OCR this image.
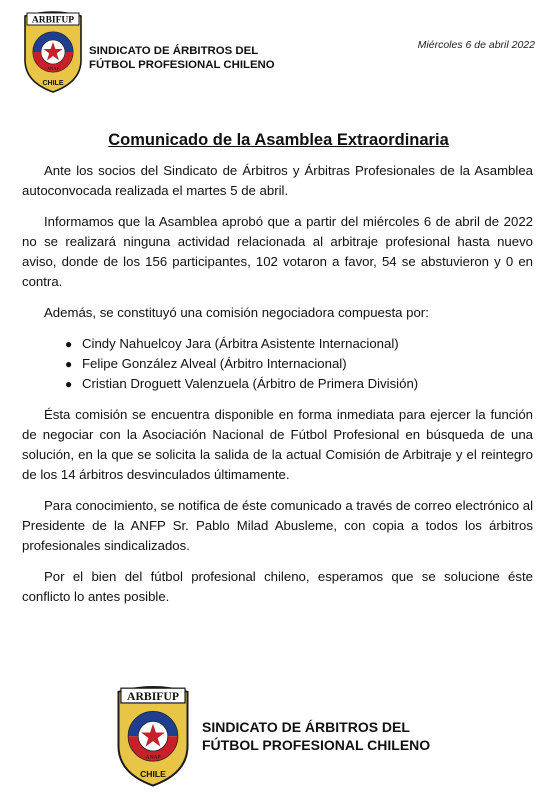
ARBIFUP
ANAP
CHILE
SINDICATO DE ÁRBITROS DEL
FÚTBOL PROFESIONAL CHILENO
Miércoles 6 de abril 2022
Comunicado de la Asamblea Extraordinaria

Ante los socios del Sindicato de Árbitros y Árbitras Profesionales de la Asamblea autoconvocada realizada el martes 5 de abril.

Informamos que la Asamblea aprobó que a partir del miércoles 6 de abril de 2022 no se realizará ninguna actividad relacionada al arbitraje profesional hasta nuevo aviso, donde de los 156 participantes, 102 votaron a favor, 54 se abstuvieron y 0 en contra.

Además, se constituyó una comisión negociadora compuesta por:

● Cindy Nahuelcoy Jara (Árbitra Asistente Internacional)
● Felipe González Alveal (Árbitro Internacional)
● Cristian Droguett Valenzuela (Árbitro de Primera División)

Ésta comisión se encuentra disponible en forma inmediata para ejercer la función de negociar con la Asociación Nacional de Fútbol Profesional en búsqueda de una solución, en la que se solicita la salida de la actual Comisión de Arbitraje y el reintegro de los 14 árbitros desvinculados últimamente.

Para conocimiento, se notifica de éste comunicado a través de correo electrónico al Presidente de la ANFP Sr. Pablo Milad Abusleme, con copia a todos los árbitros profesionales sindicalizados.

Por el bien del fútbol profesional chileno, esperamos que se solucione éste conflicto lo antes posible.

ARBIFUP
ANAP
CHILE
SINDICATO DE ÁRBITROS DEL
FÚTBOL PROFESIONAL CHILENO
